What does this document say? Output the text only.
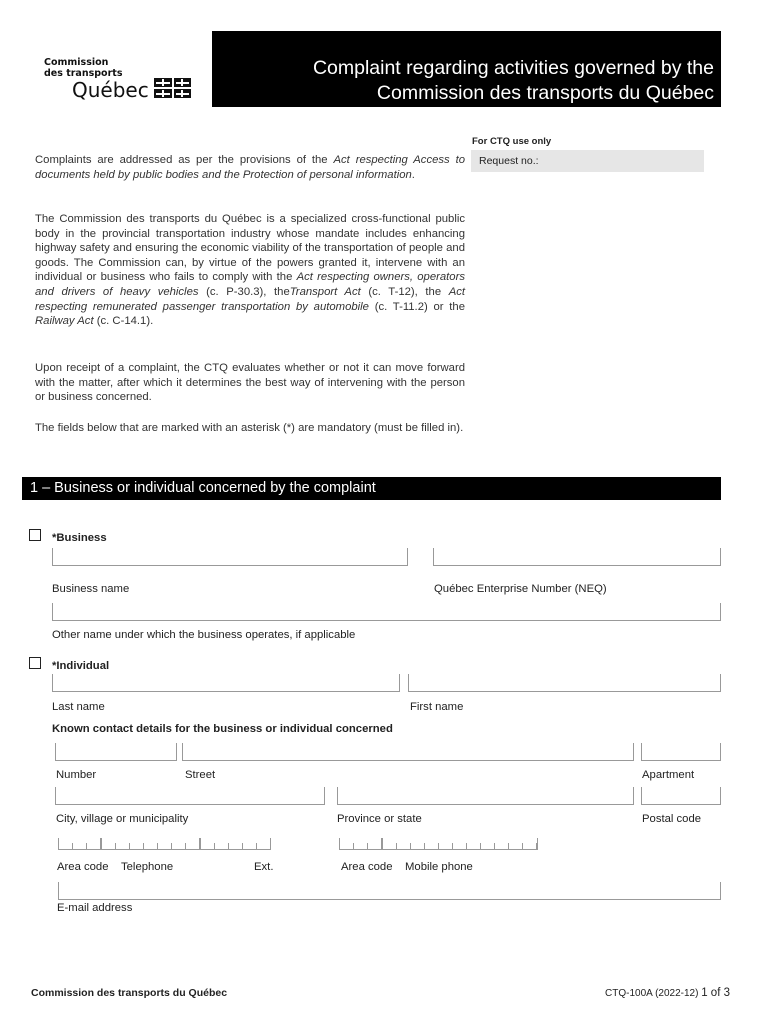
Commission
des transports
Québec
Complaint regarding activities governed by the
Commission des transports du Québec
For CTQ use only
Request no.:

Complaints are addressed as per the provisions of the Act respecting Access to documents held by public bodies and the Protection of personal information.

The Commission des transports du Québec is a specialized cross-functional public body in the provincial transportation industry whose mandate includes enhancing highway safety and ensuring the economic viability of the transportation of people and goods. The Commission can, by virtue of the powers granted it, intervene with an individual or business who fails to comply with the Act respecting owners, operators and drivers of heavy vehicles (c. P-30.3), theTransport Act (c. T-12), the Act respecting remunerated passenger transportation by automobile (c. T-11.2) or the Railway Act (c. C-14.1).

Upon receipt of a complaint, the CTQ evaluates whether or not it can move forward with the matter, after which it determines the best way of intervening with the person or business concerned.

The fields below that are marked with an asterisk (*) are mandatory (must be filled in).

1 – Business or individual concerned by the complaint
*Business
Business name	Québec Enterprise Number (NEQ)
Other name under which the business operates, if applicable
*Individual
Last name	First name
Known contact details for the business or individual concerned
Number	Street	Apartment
City, village or municipality	Province or state	Postal code
Area code Telephone	Ext.	Area code Mobile phone
E-mail address
Commission des transports du Québec	CTQ-100A (2022-12) 1 of 3
